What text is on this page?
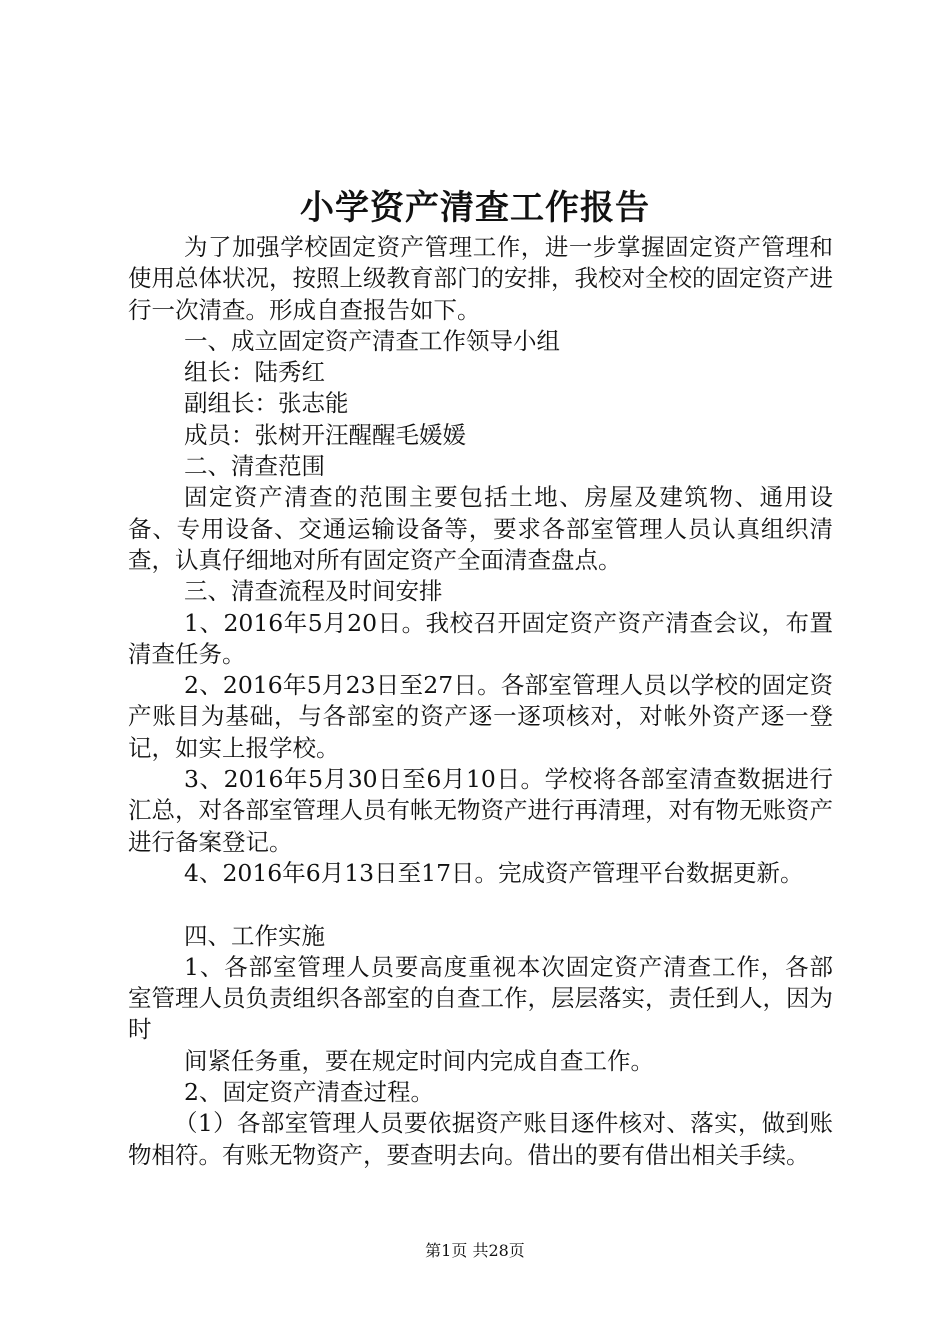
小学资产清查工作报告

为了加强学校固定资产管理工作，进一步掌握固定资产管理和使用总体状况，按照上级教育部门的安排，我校对全校的固定资产进行一次清查。形成自查报告如下。

一、成立固定资产清查工作领导小组

组长：陆秀红

副组长：张志能

成员：张树开汪醒醒毛媛媛

二、清查范围

固定资产清查的范围主要包括土地、房屋及建筑物、通用设备、专用设备、交通运输设备等，要求各部室管理人员认真组织清查，认真仔细地对所有固定资产全面清查盘点。

三、清查流程及时间安排

1、2016年5月20日。我校召开固定资产资产清查会议，布置清查任务。

2、2016年5月23日至27日。各部室管理人员以学校的固定资产账目为基础，与各部室的资产逐一逐项核对，对帐外资产逐一登记，如实上报学校。

3、2016年5月30日至6月10日。学校将各部室清查数据进行汇总，对各部室管理人员有帐无物资产进行再清理，对有物无账资产进行备案登记。

4、2016年6月13日至17日。完成资产管理平台数据更新。

四、工作实施

1、各部室管理人员要高度重视本次固定资产清查工作，各部室管理人员负责组织各部室的自查工作，层层落实，责任到人，因为时

间紧任务重，要在规定时间内完成自查工作。

2、固定资产清查过程。

（1）各部室管理人员要依据资产账目逐件核对、落实，做到账物相符。有账无物资产，要查明去向。借出的要有借出相关手续。

第1页 共28页
